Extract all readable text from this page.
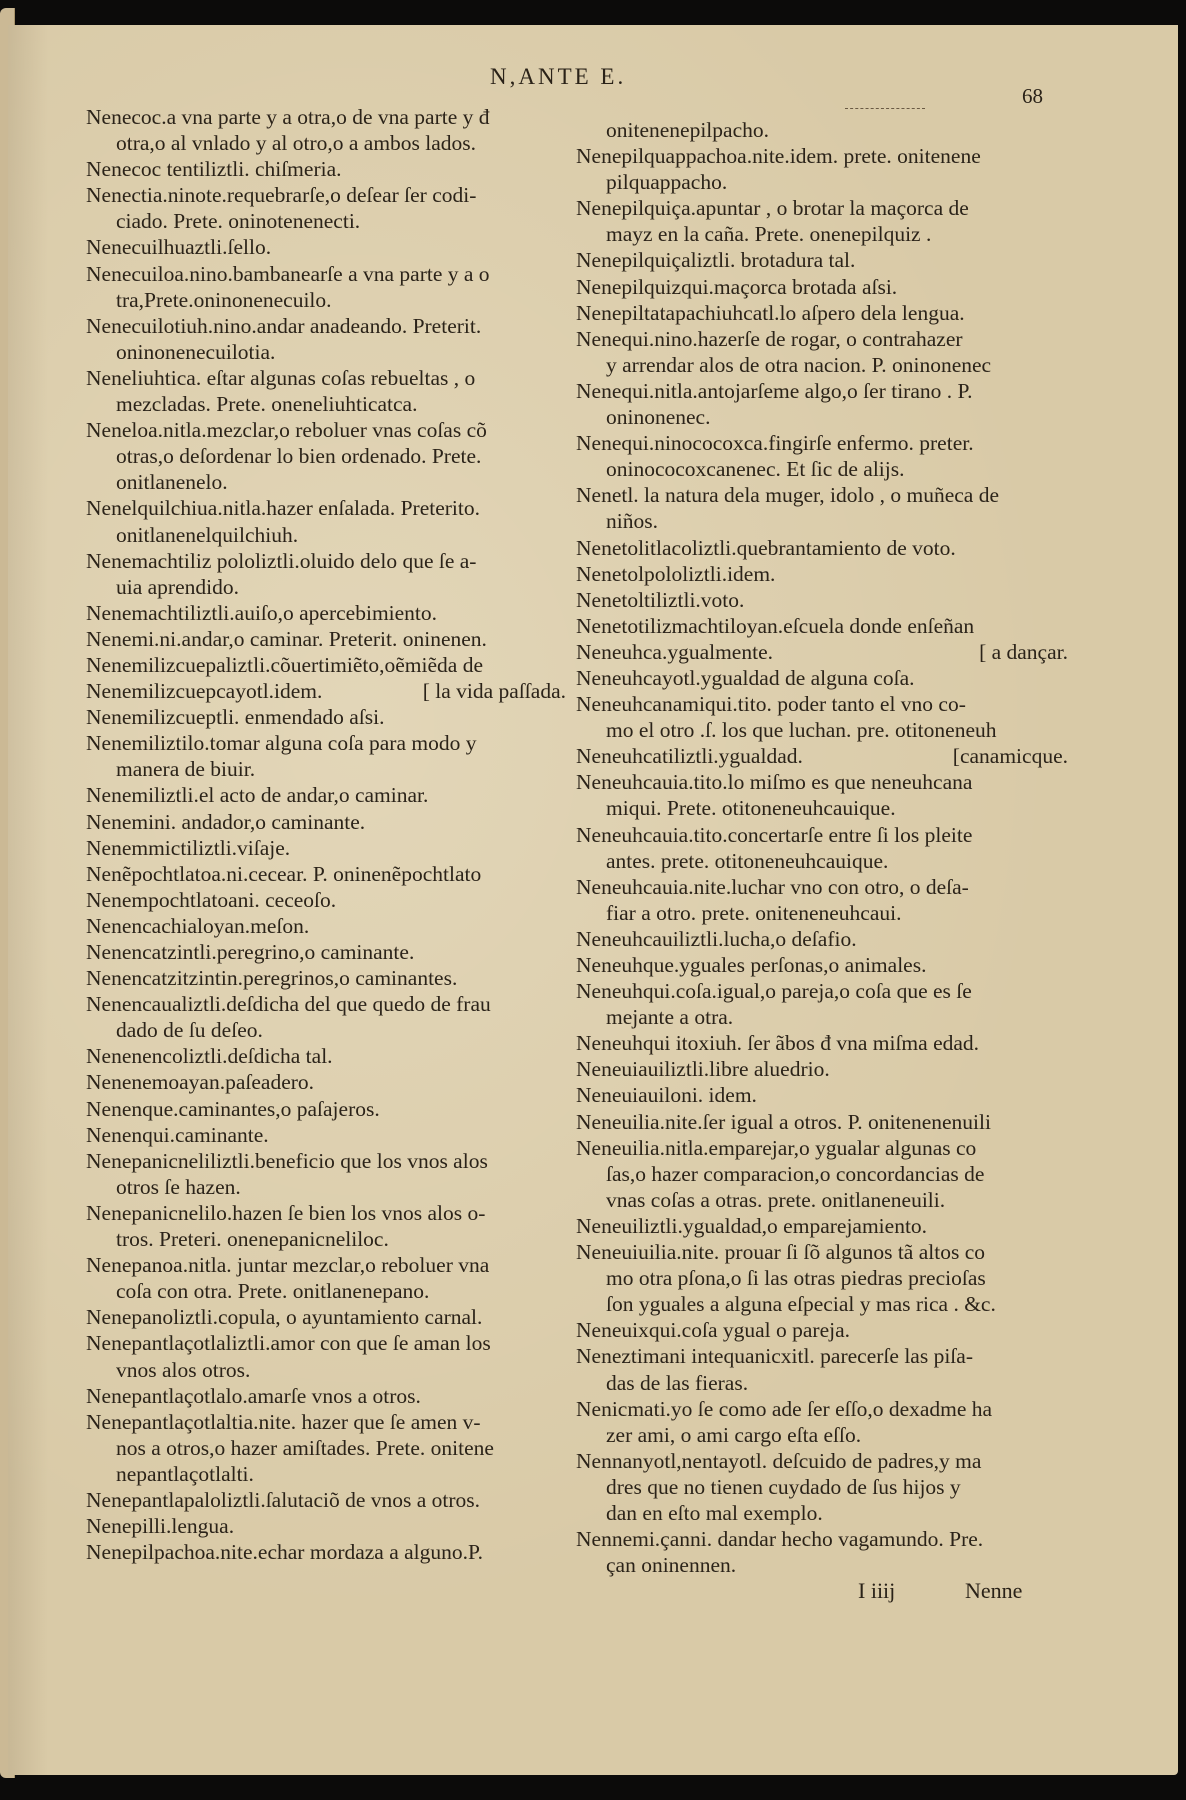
N,ANTE E.
68
Nenecoc.a vna parte y a otra,o de vna parte y đ
otra,o al vnlado y al otro,o a ambos lados.
Nenecoc tentiliztli. chiſmeria.
Nenectia.ninote.requebrarſe,o deſear ſer codi-
ciado. Prete. oninotenenecti.
Nenecuilhuaztli.ſello.
Nenecuiloa.nino.bambanearſe a vna parte y a o
tra,Prete.oninonenecuilo.
Nenecuilotiuh.nino.andar anadeando. Preterit.
oninonenecuilotia.
Neneliuhtica. eſtar algunas coſas rebueltas , o
mezcladas. Prete. oneneliuhticatca.
Neneloa.nitla.mezclar,o reboluer vnas coſas cõ
otras,o deſordenar lo bien ordenado. Prete.
onitlanenelo.
Nenelquilchiua.nitla.hazer enſalada. Preterito.
onitlanenelquilchiuh.
Nenemachtiliz pololiztli.oluido delo que ſe a-
uia aprendido.
Nenemachtiliztli.auiſo,o apercebimiento.
Nenemi.ni.andar,o caminar. Preterit. oninenen.
Nenemilizcuepaliztli.cõuertimiẽto,oẽmiẽda de
Nenemilizcuepcayotl.idem.	[ la vida paſſada.
Nenemilizcueptli. enmendado aſsi.
Nenemiliztilo.tomar alguna coſa para modo y
manera de biuir.
Nenemiliztli.el acto de andar,o caminar.
Nenemini. andador,o caminante.
Nenemmictiliztli.viſaje.
Nenẽpochtlatoa.ni.cecear. P. oninenẽpochtlato
Nenempochtlatoani. ceceoſo.
Nenencachialoyan.meſon.
Nenencatzintli.peregrino,o caminante.
Nenencatzitzintin.peregrinos,o caminantes.
Nenencaualiztli.deſdicha del que quedo de frau
dado de ſu deſeo.
Nenenencoliztli.deſdicha tal.
Nenenemoayan.paſeadero.
Nenenque.caminantes,o paſajeros.
Nenenqui.caminante.
Nenepanicneliliztli.beneficio que los vnos alos
otros ſe hazen.
Nenepanicnelilo.hazen ſe bien los vnos alos o-
tros. Preteri. onenepanicneliloc.
Nenepanoa.nitla. juntar mezclar,o reboluer vna
coſa con otra. Prete. onitlanenepano.
Nenepanoliztli.copula, o ayuntamiento carnal.
Nenepantlaçotlaliztli.amor con que ſe aman los
vnos alos otros.
Nenepantlaçotlalo.amarſe vnos a otros.
Nenepantlaçotlaltia.nite. hazer que ſe amen v-
nos a otros,o hazer amiſtades. Prete. onitene
nepantlaçotlalti.
Nenepantlapaloliztli.ſalutaciõ de vnos a otros.
Nenepilli.lengua.
Nenepilpachoa.nite.echar mordaza a alguno.P.
onitenenepilpacho.
Nenepilquappachoa.nite.idem. prete. onitenene
pilquappacho.
Nenepilquiça.apuntar , o brotar la maçorca de
mayz en la caña. Prete. onenepilquiz .
Nenepilquiçaliztli. brotadura tal.
Nenepilquizqui.maçorca brotada aſsi.
Nenepiltatapachiuhcatl.lo aſpero dela lengua.
Nenequi.nino.hazerſe de rogar, o contrahazer
y arrendar alos de otra nacion. P. oninonenec
Nenequi.nitla.antojarſeme algo,o ſer tirano . P.
oninonenec.
Nenequi.ninococoxca.fingirſe enfermo. preter.
oninococoxcanenec. Et ſic de alijs.
Nenetl. la natura dela muger, idolo , o muñeca de
niños.
Nenetolitlacoliztli.quebrantamiento de voto.
Nenetolpololiztli.idem.
Nenetoltiliztli.voto.
Nenetotilizmachtiloyan.eſcuela donde enſeñan
Neneuhca.ygualmente.	[ a dançar.
Neneuhcayotl.ygualdad de alguna coſa.
Neneuhcanamiqui.tito. poder tanto el vno co-
mo el otro .ſ. los que luchan. pre. otitoneneuh
Neneuhcatiliztli.ygualdad.	[canamicque.
Neneuhcauia.tito.lo miſmo es que neneuhcana
miqui. Prete. otitoneneuhcauique.
Neneuhcauia.tito.concertarſe entre ſi los pleite
antes. prete. otitoneneuhcauique.
Neneuhcauia.nite.luchar vno con otro, o deſa-
fiar a otro. prete. oniteneneuhcaui.
Neneuhcauiliztli.lucha,o deſafio.
Neneuhque.yguales perſonas,o animales.
Neneuhqui.coſa.igual,o pareja,o coſa que es ſe
mejante a otra.
Neneuhqui itoxiuh. ſer ãbos đ vna miſma edad.
Neneuiauiliztli.libre aluedrio.
Neneuiauiloni. idem.
Neneuilia.nite.ſer igual a otros. P. onitenenenuili
Neneuilia.nitla.emparejar,o ygualar algunas co
ſas,o hazer comparacion,o concordancias de
vnas coſas a otras. prete. onitlaneneuili.
Neneuiliztli.ygualdad,o emparejamiento.
Neneuiuilia.nite. prouar ſi ſõ algunos tã altos co
mo otra pſona,o ſi las otras piedras precioſas
ſon yguales a alguna eſpecial y mas rica . &c.
Neneuixqui.coſa ygual o pareja.
Neneztimani intequanicxitl. parecerſe las piſa-
das de las fieras.
Nenicmati.yo ſe como ade ſer eſſo,o dexadme ha
zer ami, o ami cargo eſta eſſo.
Nennanyotl,nentayotl. deſcuido de padres,y ma
dres que no tienen cuydado de ſus hijos y
dan en eſto mal exemplo.
Nennemi.çanni. dandar hecho vagamundo. Pre.
çan oninennen.
I iiij	Nenne
